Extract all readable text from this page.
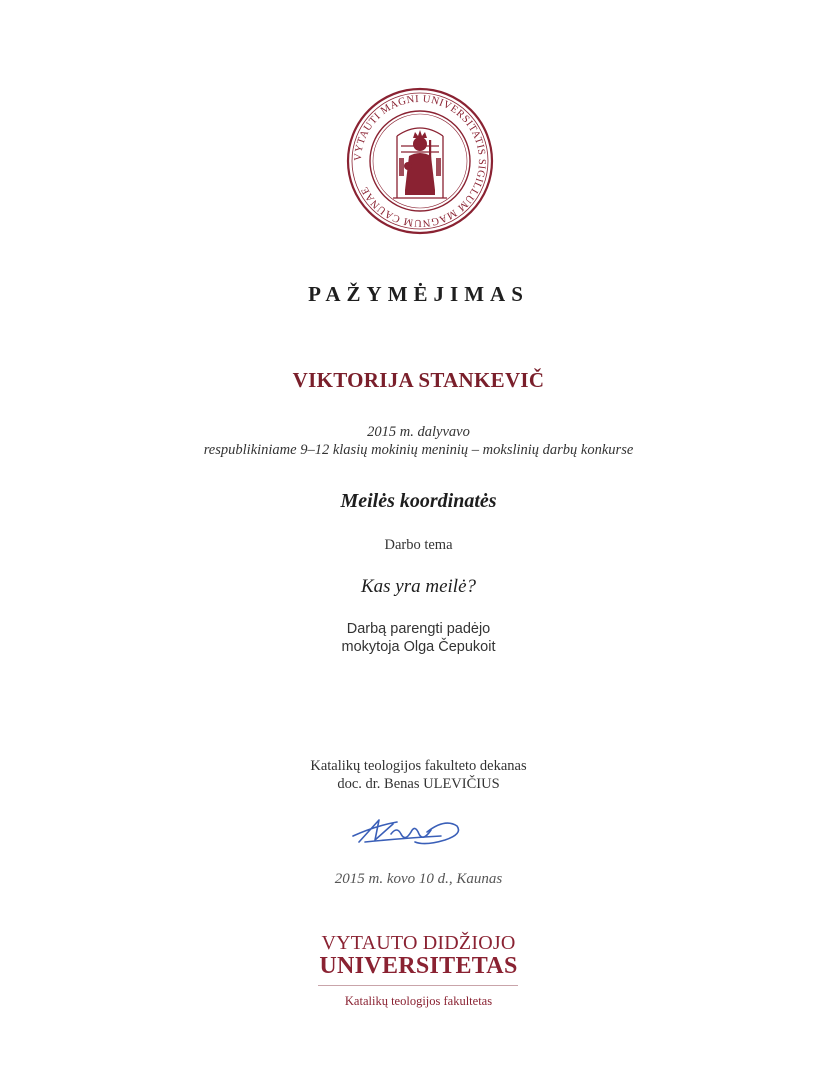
VYTAUTI MAGNI UNIVERSITATIS SIGILLUM MAGNUM CAUNAE
PAŽYMĖJIMAS
VIKTORIJA STANKEVIČ
2015 m. dalyvavo
respublikiniame 9–12 klasių mokinių meninių – mokslinių darbų konkurse
Meilės koordinatės
Darbo tema
Kas yra meilė?
Darbą parengti padėjo
mokytoja Olga Čepukoit
Katalikų teologijos fakulteto dekanas
doc. dr. Benas ULEVIČIUS
2015 m. kovo 10 d., Kaunas
VYTAUTO DIDŽIOJO
UNIVERSITETAS
Katalikų teologijos fakultetas
